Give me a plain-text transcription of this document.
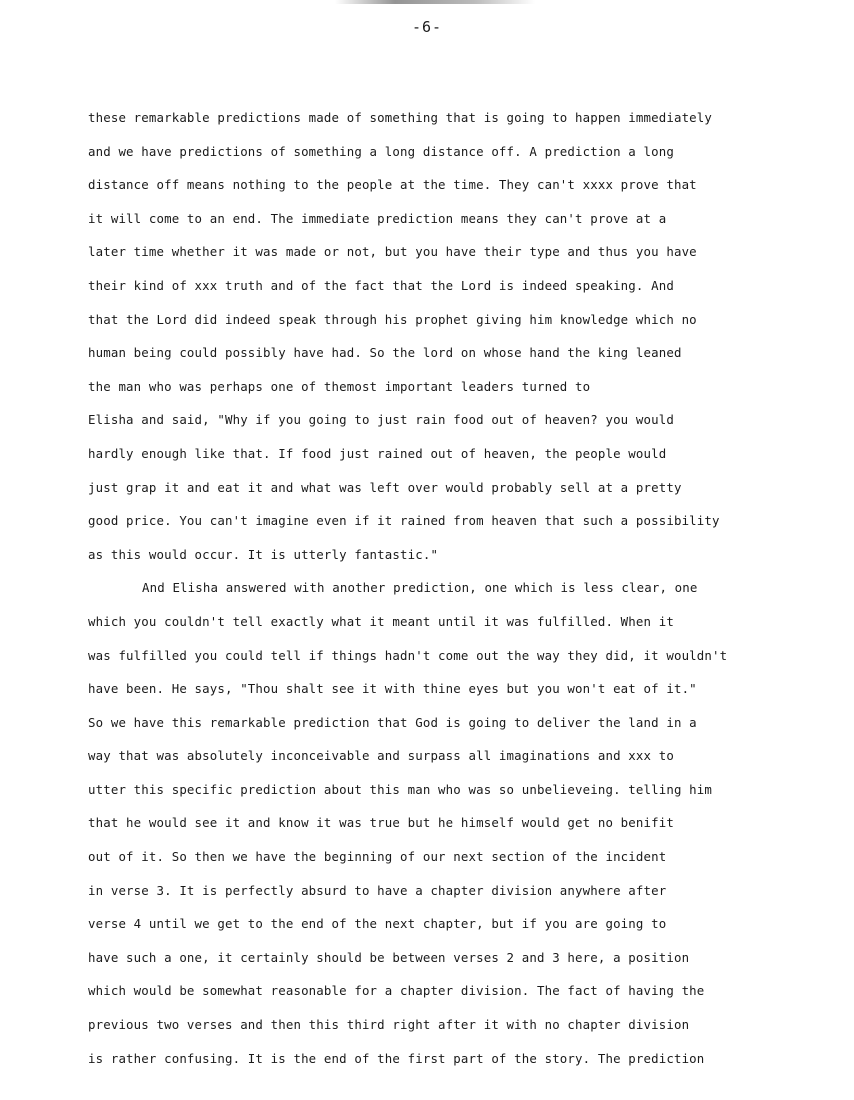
-6-
these remarkable predictions made of something that is going to happen immediately
and we have predictions of something a long distance off. A prediction a long
distance off means nothing to the people at the time. They can't xxxx prove that
it will come to an end. The immediate prediction means they can't prove at a
later time whether it was made or not, but you have their type and thus you have
their kind of xxx truth and of the fact that the Lord is indeed speaking. And
that the Lord did indeed speak through his prophet giving him knowledge which no
human being could possibly have had. So the lord on whose hand the king leaned
the man who was perhaps one of themost important leaders turned to
Elisha and said, "Why if you going to just rain food out of heaven? you would
hardly enough like that. If food just rained out of heaven, the people would
just grap it and eat it and what was left over would probably sell at a pretty
good price. You can't imagine even if it rained from heaven that such a possibility
as this would occur. It is utterly fantastic."
And Elisha answered with another prediction, one which is less clear, one
which you couldn't tell exactly what it meant until it was fulfilled. When it
was fulfilled you could tell if things hadn't come out the way they did, it wouldn't
have been. He says, "Thou shalt see it with thine eyes but you won't eat of it."
So we have this remarkable prediction that God is going to deliver the land in a
way that was absolutely inconceivable and surpass all imaginations and xxx to
utter this specific prediction about this man who was so unbelieveing. telling him
that he would see it and know it was true but he himself would get no benifit
out of it. So then we have the beginning of our next section of the incident
in verse 3. It is perfectly absurd to have a chapter division anywhere after
verse 4 until we get to the end of the next chapter, but if you are going to
have such a one, it certainly should be between verses 2 and 3 here, a position
which would be somewhat reasonable for a chapter division. The fact of having the
previous two verses and then this third right after it with no chapter division
is rather confusing. It is the end of the first part of the story. The prediction
